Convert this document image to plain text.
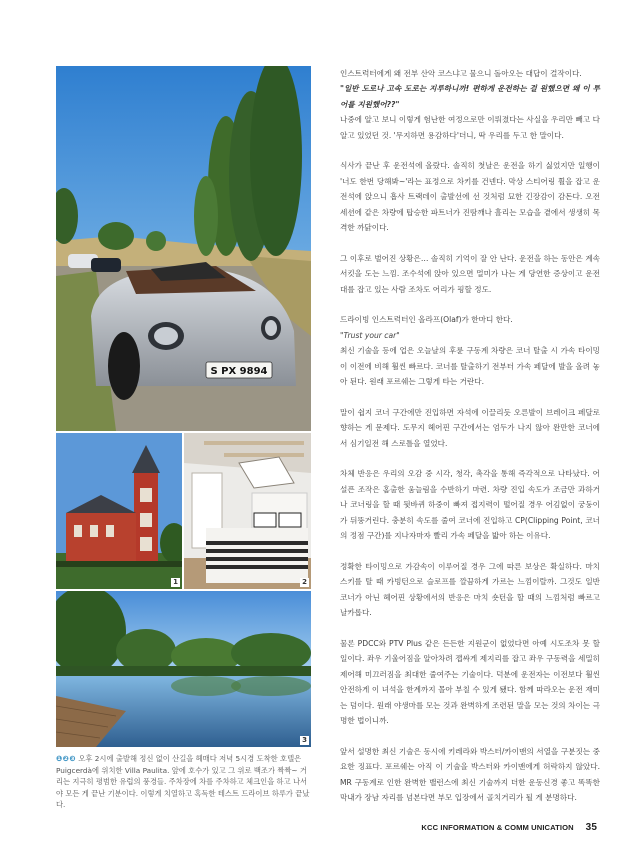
S PX 9894
1	2
3

❶❷❸ 오후 2시에 출발해 정신 없이 산길을 헤매다 저녁 5시경 도착한 호텔은 Puigcerdà에 위치한 Villa Paulita. 앞에 호수가 있고 그 위로 백조가 짝짝~ 거리는 지극히 평범한 유럽의 풍경들. 주차장에 차를 주차하고 체크인을 하고 나서야 모든 게 끝난 기분이다. 이렇게 치열하고 혹독한 테스트 드라이브 하루가 끝났다.

인스트럭터에게 왜 전부 산악 코스냐고 물으니 돌아오는 대답이 걸작이다.
"일반 도로나 고속 도로는 지루하니까! 편하게 운전하는 걸 원했으면 왜 이 투어를 지원했어??"
나중에 알고 보니 이렇게 험난한 여정으로만 이뤄졌다는 사실을 우리만 빼고 다 알고 있었던 것. '무지하면 용감하다'더니, 딱 우리를 두고 한 말이다.

식사가 끝난 후 운전석에 올랐다. 솔직히 첫날은 운전을 하기 싫었지만 일행이 '너도 한번 당해봐~'라는 표정으로 차키를 건넨다. 막상 스티어링 휠을 잡고 운전석에 앉으니 흡사 트랙데이 출발선에 선 것처럼 묘한 긴장감이 감돈다. 오전 세션에 같은 차량에 탑승한 파트너가 진땀깨나 흘리는 모습을 곁에서 생생히 목격한 까닭이다.

그 이후로 벌어진 상황은… 솔직히 기억이 잘 안 난다. 운전을 하는 동안은 계속 서킷을 도는 느낌. 조수석에 앉아 있으면 멀미가 나는 게 당연한 증상이고 운전대를 잡고 있는 사람 조차도 어리가 핑할 정도.

드라이빙 인스트럭터인 올라프(Olaf)가 한마디 한다.
"Trust your car"
최신 기술을 등에 업은 오늘날의 후륜 구동계 차량은 코너 탈출 시 가속 타이밍이 이전에 비해 훨씬 빠르다. 코너를 탈출하기 전부터 가속 페달에 발을 올려 놓아 된다. 원래 포르쉐는 그렇게 타는 거란다.

말이 쉽지 코너 구간에만 진입하면 자석에 이끌리듯 오른발이 브레이크 페달로 향하는 게 문제다. 도무지 헤어핀 구간에서는 엄두가 나지 않아 완만한 코너에서 심기일전 해 스로틀을 열었다.

차체 반응은 우리의 오감 중 시각, 청각, 촉각을 통해 즉각적으로 나타났다. 어설픈 조작은 홈출한 움늘림을 수반하기 마련. 차량 진입 속도가 조금만 과하거나 코너링을 할 때 뒷바퀴 하중이 빠져 접지력이 떨어질 경우 어김없이 궁둥이가 뒤뚱거린다. 충분히 속도를 줄여 코너에 진입하고 CP(Clipping Point, 코너의 정점 구간)를 지나자마자 빨리 가속 페달을 밟아 하는 이유다.

정확한 타이밍으로 가감속이 이루어질 경우 그에 따른 보상은 확실하다. 마치 스키를 탈 때 카빙턴으로 슬로프를 깔끔하게 가르는 느낌이랄까. 그것도 일반 코너가 아닌 헤어핀 상황에서의 반응은 마치 숏턴을 할 때의 느낌처럼 빠르고 날카롭다.

물론 PDCC와 PTV Plus 같은 든든한 지원군이 없었다면 아예 시도조차 못 할 일이다. 좌우 기울어짐을 알아차려 잽싸게 제지리를 잡고 좌우 구동력을 세밀히 제어해 미끄러짐을 최대한 줄여주는 기술이다. 덕분에 운전자는 이전보다 훨씬 안전하게 이 녀석을 한계까지 몰아 부칠 수 있게 됐다. 함께 따라오는 운전 재미는 덤이다. 원래 야생마를 모는 것과 완벽하게 조련된 말을 모는 것의 차이는 극명한 법이니까.

앞서 설명한 최신 기술은 동시에 키레라와 박스터/카이맨의 서열을 구분짓는 중요한 징표다. 포르쉐는 아직 이 기술을 박스터와 카이맨에게 허락하지 않았다. MR 구동계로 인한 완벽한 밸런스에 최신 기술까지 더한 운동신경 좋고 똑똑한 막내가 장남 자리를 넘본다면 부모 입장에서 골치거리가 될 게 분명하다.

KCC INFORMATION & COMM UNICATION 35
